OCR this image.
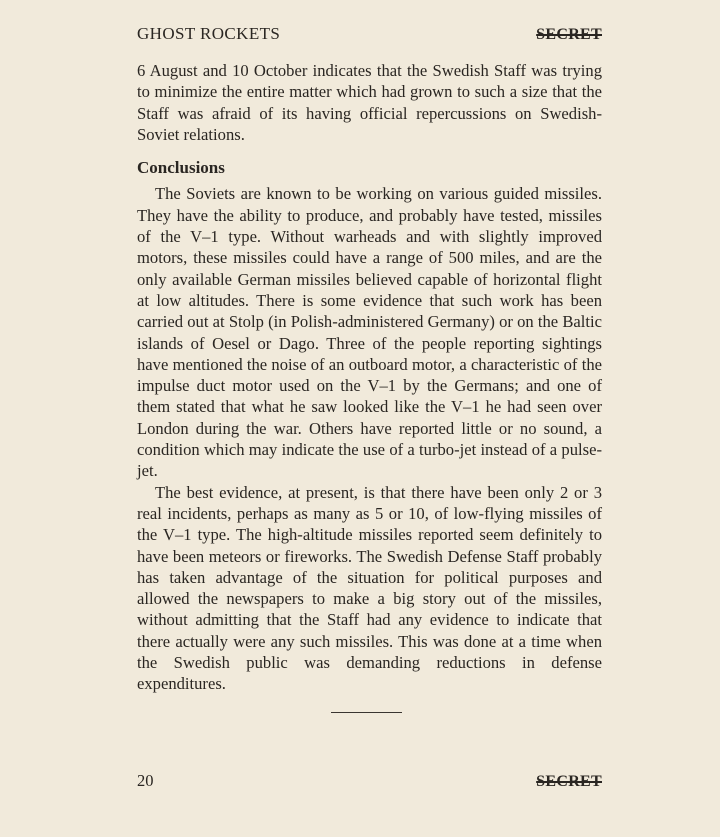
GHOST ROCKETS	SECRET

6 August and 10 October indicates that the Swedish Staff was trying to minimize the entire matter which had grown to such a size that the Staff was afraid of its having official repercussions on Swedish-Soviet relations.

Conclusions

The Soviets are known to be working on various guided missiles. They have the ability to produce, and probably have tested, missiles of the V–1 type. Without warheads and with slightly improved motors, these missiles could have a range of 500 miles, and are the only available German missiles believed capable of horizontal flight at low altitudes. There is some evidence that such work has been carried out at Stolp (in Polish-administered Germany) or on the Baltic islands of Oesel or Dago. Three of the people reporting sightings have mentioned the noise of an outboard motor, a characteristic of the impulse duct motor used on the V–1 by the Germans; and one of them stated that what he saw looked like the V–1 he had seen over London during the war. Others have reported little or no sound, a condition which may indicate the use of a turbo-jet instead of a pulse-jet.

The best evidence, at present, is that there have been only 2 or 3 real incidents, perhaps as many as 5 or 10, of low-flying missiles of the V–1 type. The high-altitude missiles reported seem definitely to have been meteors or fireworks. The Swedish Defense Staff probably has taken advantage of the situation for political purposes and allowed the newspapers to make a big story out of the missiles, without admitting that the Staff had any evidence to indicate that there actually were any such missiles. This was done at a time when the Swedish public was demanding reductions in defense expenditures.

20	SECRET
